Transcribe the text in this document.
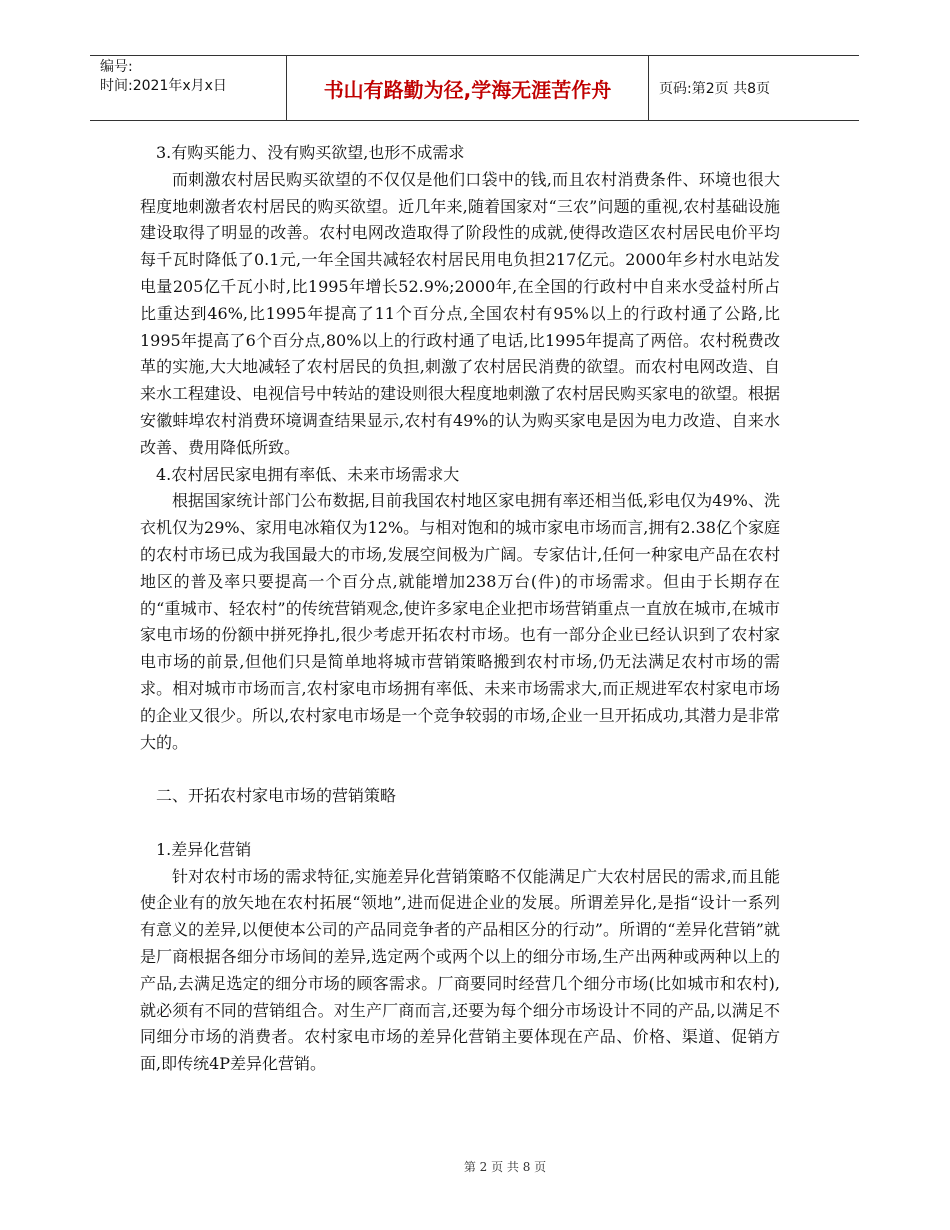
编号:
时间:2021年x月x日	书山有路勤为径,学海无涯苦作舟	页码:第2页 共8页

3.有购买能力、没有购买欲望,也形不成需求

而刺激农村居民购买欲望的不仅仅是他们口袋中的钱,而且农村消费条件、环境也很大程度地刺激者农村居民的购买欲望。近几年来,随着国家对“三农”问题的重视,农村基础设施建设取得了明显的改善。农村电网改造取得了阶段性的成就,使得改造区农村居民电价平均每千瓦时降低了0.1元,一年全国共减轻农村居民用电负担217亿元。2000年乡村水电站发电量205亿千瓦小时,比1995年增长52.9%;2000年,在全国的行政村中自来水受益村所占比重达到46%,比1995年提高了11个百分点,全国农村有95%以上的行政村通了公路,比1995年提高了6个百分点,80%以上的行政村通了电话,比1995年提高了两倍。农村税费改革的实施,大大地减轻了农村居民的负担,刺激了农村居民消费的欲望。而农村电网改造、自来水工程建设、电视信号中转站的建设则很大程度地刺激了农村居民购买家电的欲望。根据安徽蚌埠农村消费环境调查结果显示,农村有49%的认为购买家电是因为电力改造、自来水改善、费用降低所致。

4.农村居民家电拥有率低、未来市场需求大

根据国家统计部门公布数据,目前我国农村地区家电拥有率还相当低,彩电仅为49%、洗衣机仅为29%、家用电冰箱仅为12%。与相对饱和的城市家电市场而言,拥有2.38亿个家庭的农村市场已成为我国最大的市场,发展空间极为广阔。专家估计,任何一种家电产品在农村地区的普及率只要提高一个百分点,就能增加238万台(件)的市场需求。但由于长期存在的“重城市、轻农村”的传统营销观念,使许多家电企业把市场营销重点一直放在城市,在城市家电市场的份额中拼死挣扎,很少考虑开拓农村市场。也有一部分企业已经认识到了农村家电市场的前景,但他们只是简单地将城市营销策略搬到农村市场,仍无法满足农村市场的需求。相对城市市场而言,农村家电市场拥有率低、未来市场需求大,而正规进军农村家电市场的企业又很少。所以,农村家电市场是一个竞争较弱的市场,企业一旦开拓成功,其潜力是非常大的。

二、开拓农村家电市场的营销策略

1.差异化营销

针对农村市场的需求特征,实施差异化营销策略不仅能满足广大农村居民的需求,而且能使企业有的放矢地在农村拓展“领地”,进而促进企业的发展。所谓差异化,是指“设计一系列有意义的差异,以便使本公司的产品同竞争者的产品相区分的行动”。所谓的“差异化营销”就是厂商根据各细分市场间的差异,选定两个或两个以上的细分市场,生产出两种或两种以上的产品,去满足选定的细分市场的顾客需求。厂商要同时经营几个细分市场(比如城市和农村),就必须有不同的营销组合。对生产厂商而言,还要为每个细分市场设计不同的产品,以满足不同细分市场的消费者。农村家电市场的差异化营销主要体现在产品、价格、渠道、促销方面,即传统4P差异化营销。

第 2 页 共 8 页
